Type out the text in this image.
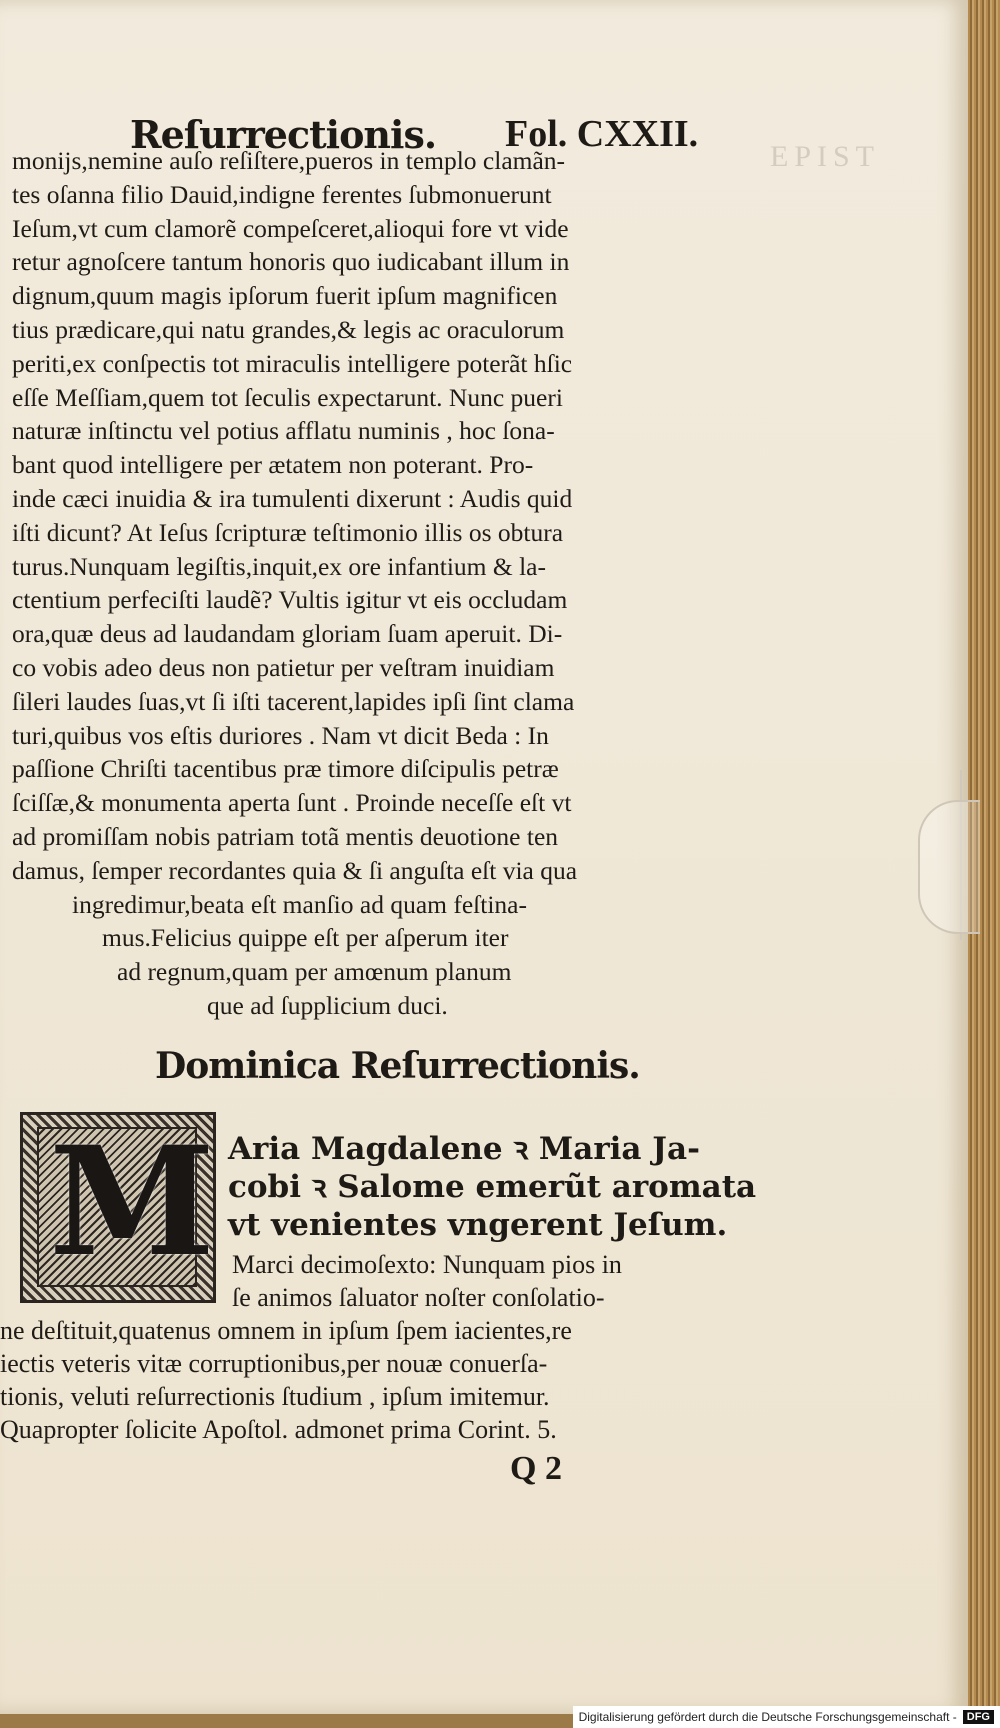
EPIST
Reſurrectionis. Fol. CXXII.
monijs,nemine auſo reſiſtere,pueros in templo clamãn-
tes oſanna filio Dauid,indigne ferentes ſubmonuerunt
Ieſum,vt cum clamorẽ compeſceret,alioqui fore vt vide
retur agnoſcere tantum honoris quo iudicabant illum in
dignum,quum magis ipſorum fuerit ipſum magnificen
tius prædicare,qui natu grandes,& legis ac oraculorum
periti,ex conſpectis tot miraculis intelligere poterãt hſic
eſſe Meſſiam,quem tot ſeculis expectarunt. Nunc pueri
naturæ inſtinctu vel potius afflatu numinis , hoc ſona-
bant quod intelligere per ætatem non poterant. Pro-
inde cæci inuidia & ira tumulenti dixerunt : Audis quid
iſti dicunt? At Ieſus ſcripturæ teſtimonio illis os obtura
turus.Nunquam legiſtis,inquit,ex ore infantium & la-
ctentium perfeciſti laudẽ? Vultis igitur vt eis occludam
ora,quæ deus ad laudandam gloriam ſuam aperuit. Di-
co vobis adeo deus non patietur per veſtram inuidiam
ſileri laudes ſuas,vt ſi iſti tacerent,lapides ipſi ſint clama
turi,quibus vos eſtis duriores . Nam vt dicit Beda : In
paſſione Chriſti tacentibus præ timore diſcipulis petræ
ſciſſæ,& monumenta aperta ſunt . Proinde neceſſe eſt vt
ad promiſſam nobis patriam totã mentis deuotione ten
damus, ſemper recordantes quia & ſi anguſta eſt via qua
ingredimur,beata eſt manſio ad quam feſtina-
mus.Felicius quippe eſt per aſperum iter
ad regnum,quam per amœnum planum
que ad ſupplicium duci.
Dominica Reſurrectionis.
M Aria Magdalene ꝛ Maria Ja-
cobi ꝛ Salome emerũt aromata
vt venientes vngerent Jeſum.
Marci decimoſexto: Nunquam pios in
ſe animos ſaluator noſter conſolatio-
ne deſtituit,quatenus omnem in ipſum ſpem iacientes,re
iectis veteris vitæ corruptionibus,per nouæ conuerſa-
tionis, veluti reſurrectionis ſtudium , ipſum imitemur.
Quapropter ſolicite Apoſtol. admonet prima Corint. 5.
Q 2
Digitalisierung gefördert durch die Deutsche Forschungsgemeinschaft - DFG
